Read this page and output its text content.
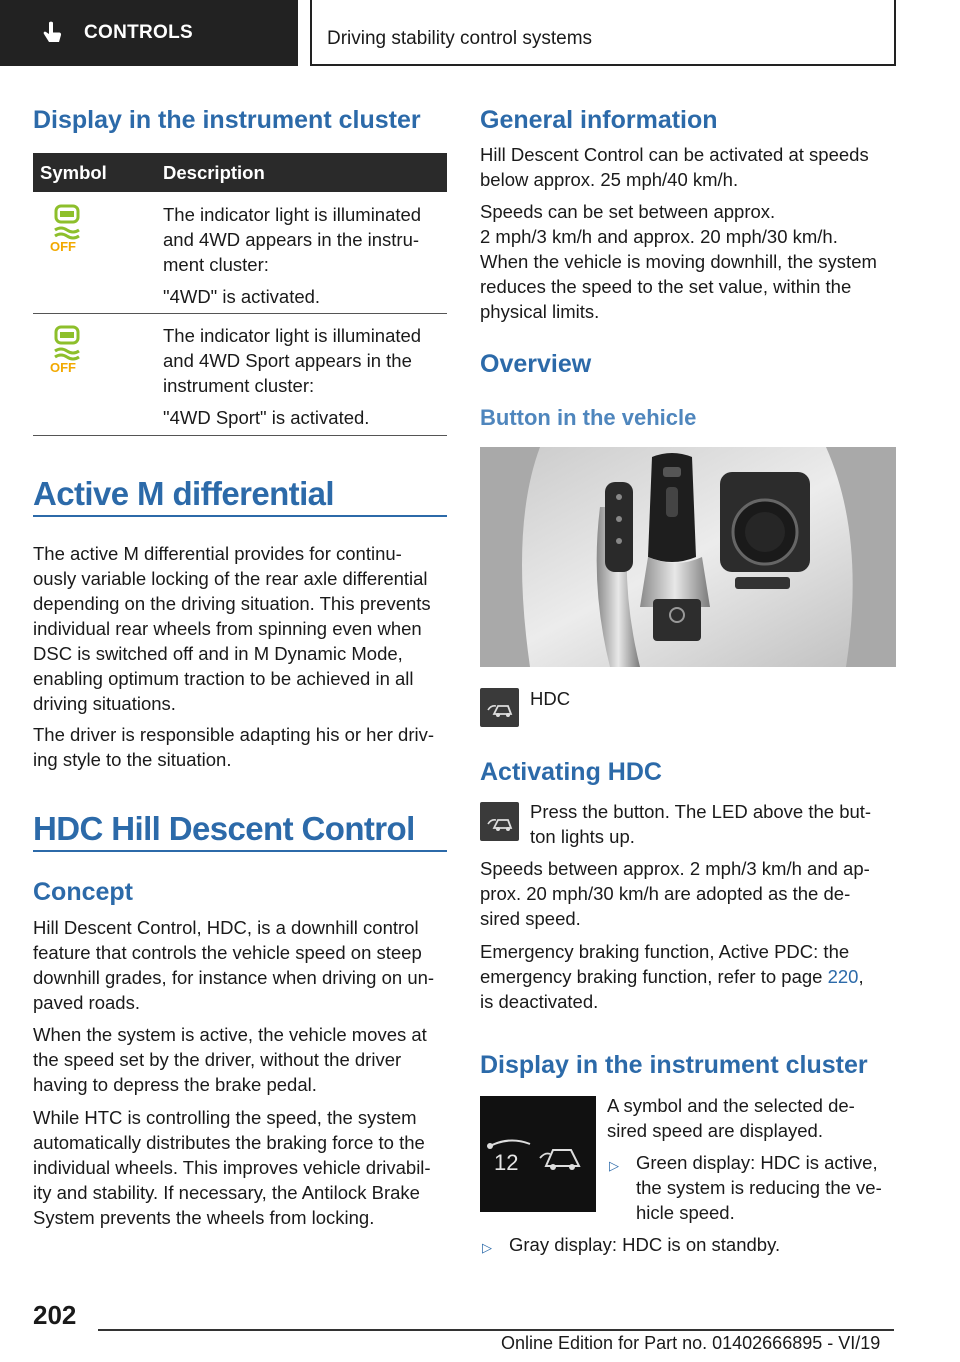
CONTROLS	Driving stability control systems
Display in the instrument cluster
Symbol	Description
OFF

The indicator light is illuminated

and 4WD appears in the instru-

ment cluster:

"4WD" is activated.

OFF

The indicator light is illuminated

and 4WD Sport appears in the

instrument cluster:

"4WD Sport" is activated.

Active M differential

The active M differential provides for continu-

ously variable locking of the rear axle differential

depending on the driving situation. This prevents

individual rear wheels from spinning even when

DSC is switched off and in M Dynamic Mode,

enabling optimum traction to be achieved in all

driving situations.

The driver is responsible adapting his or her driv-

ing style to the situation.

HDC Hill Descent Control
Concept

Hill Descent Control, HDC, is a downhill control

feature that controls the vehicle speed on steep

downhill grades, for instance when driving on un-

paved roads.

When the system is active, the vehicle moves at

the speed set by the driver, without the driver

having to depress the brake pedal.

While HTC is controlling the speed, the system

automatically distributes the braking force to the

individual wheels. This improves vehicle drivabil-

ity and stability. If necessary, the Antilock Brake

System prevents the wheels from locking.

General information

Hill Descent Control can be activated at speeds

below approx. 25 mph/40 km/h.

Speeds can be set between approx.

2 mph/3 km/h and approx. 20 mph/30 km/h.

When the vehicle is moving downhill, the system

reduces the speed to the set value, within the

physical limits.

Overview
Button in the vehicle

HDC

Activating HDC

Press the button. The LED above the but-

ton lights up.

Speeds between approx. 2 mph/3 km/h and ap-

prox. 20 mph/30 km/h are adopted as the de-

sired speed.

Emergency braking function, Active PDC: the

emergency braking function, refer to page 220,

is deactivated.

Display in the instrument cluster
12

A symbol and the selected de-

sired speed are displayed.

▷ Green display: HDC is active,

the system is reducing the ve-

hicle speed.

▷ Gray display: HDC is on standby.

202
Online Edition for Part no. 01402666895 - VI/19
